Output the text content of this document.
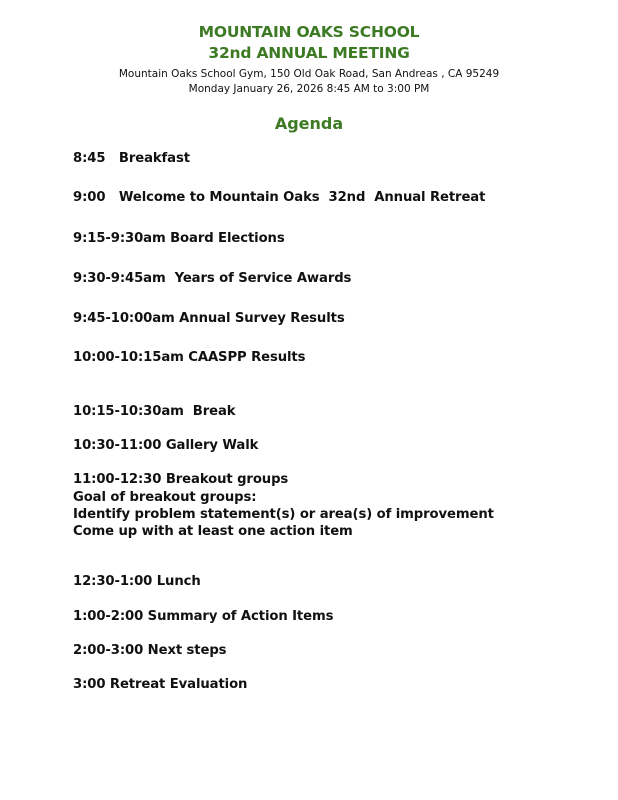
MOUNTAIN OAKS SCHOOL
32nd ANNUAL MEETING
Mountain Oaks School Gym, 150 Old Oak Road, San Andreas , CA 95249
Monday January 26, 2026 8:45 AM to 3:00 PM
Agenda
8:45   Breakfast
9:00   Welcome to Mountain Oaks  32nd  Annual Retreat
9:15-9:30am Board Elections
9:30-9:45am  Years of Service Awards
9:45-10:00am Annual Survey Results
10:00-10:15am CAASPP Results
10:15-10:30am  Break
10:30-11:00 Gallery Walk
11:00-12:30 Breakout groups
Goal of breakout groups:
Identify problem statement(s) or area(s) of improvement
Come up with at least one action item
12:30-1:00 Lunch
1:00-2:00 Summary of Action Items
2:00-3:00 Next steps
3:00 Retreat Evaluation
